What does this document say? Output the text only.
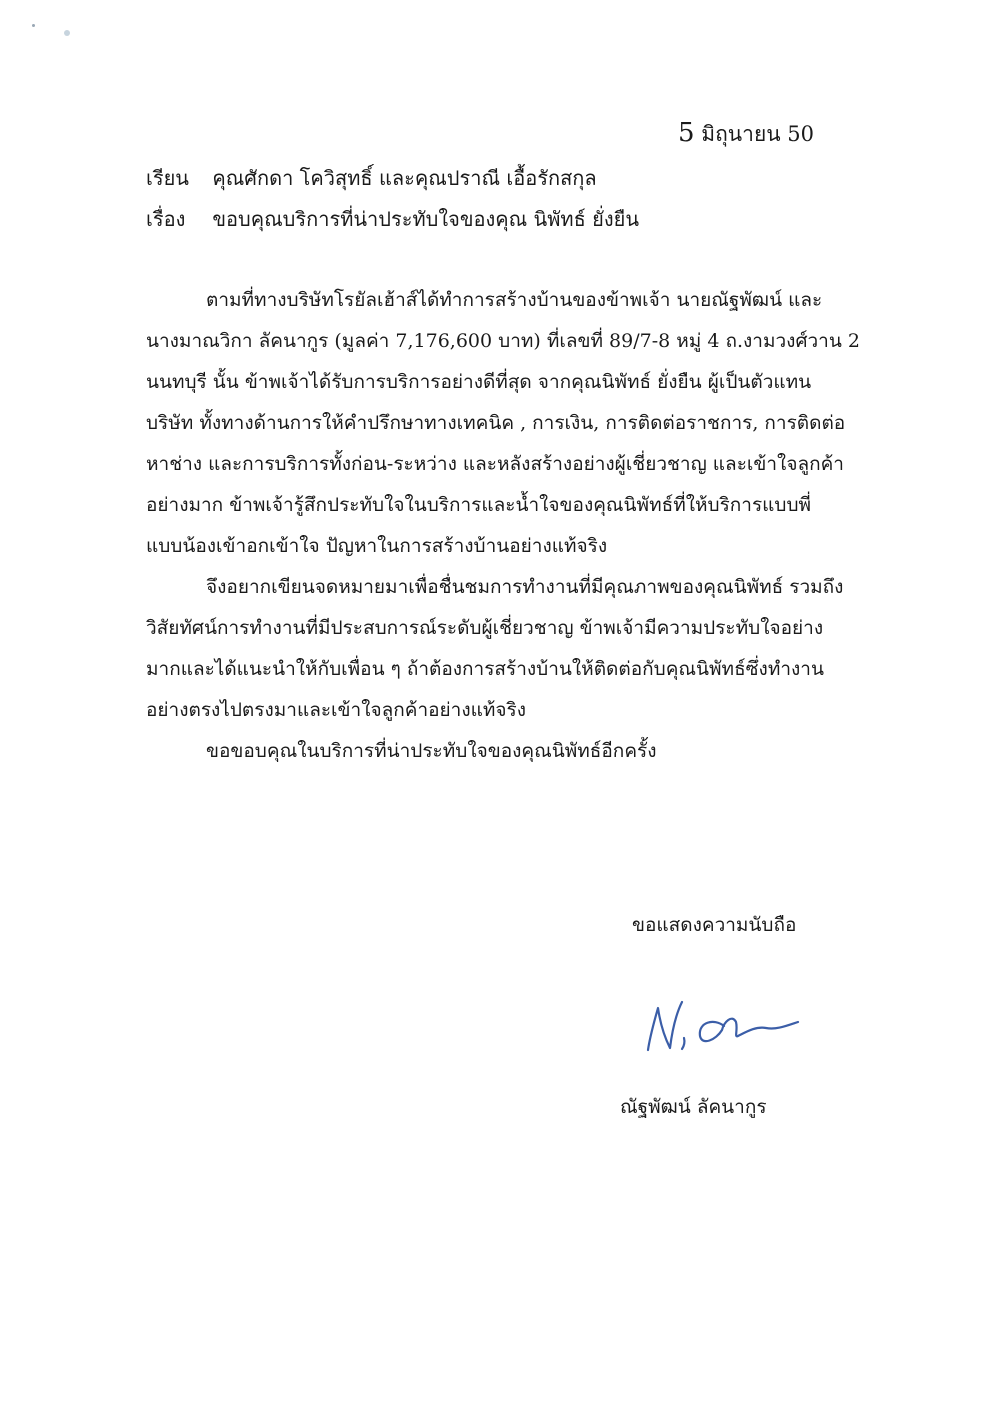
5 มิถุนายน 50
เรียน คุณศักดา โควิสุทธิ์ และคุณปราณี เอื้อรักสกุล
เรื่อง ขอบคุณบริการที่น่าประทับใจของคุณ นิพัทธ์ ยั่งยืน
ตามที่ทางบริษัทโรยัลเฮ้าส์ได้ทำการสร้างบ้านของข้าพเจ้า นายณัฐพัฒน์ และ
นางมาณวิกา ลัคนากูร (มูลค่า 7,176,600 บาท) ที่เลขที่ 89/7-8 หมู่ 4 ถ.งามวงศ์วาน 2
นนทบุรี นั้น ข้าพเจ้าได้รับการบริการอย่างดีที่สุด จากคุณนิพัทธ์ ยั่งยืน ผู้เป็นตัวแทน
บริษัท ทั้งทางด้านการให้คำปรึกษาทางเทคนิค , การเงิน, การติดต่อราชการ, การติดต่อ
หาช่าง และการบริการทั้งก่อน-ระหว่าง และหลังสร้างอย่างผู้เชี่ยวชาญ และเข้าใจลูกค้า
อย่างมาก ข้าพเจ้ารู้สึกประทับใจในบริการและน้ำใจของคุณนิพัทธ์ที่ให้บริการแบบพี่
แบบน้องเข้าอกเข้าใจ ปัญหาในการสร้างบ้านอย่างแท้จริง
จึงอยากเขียนจดหมายมาเพื่อชื่นชมการทำงานที่มีคุณภาพของคุณนิพัทธ์ รวมถึง
วิสัยทัศน์การทำงานที่มีประสบการณ์ระดับผู้เชี่ยวชาญ ข้าพเจ้ามีความประทับใจอย่าง
มากและได้แนะนำให้กับเพื่อน ๆ ถ้าต้องการสร้างบ้านให้ติดต่อกับคุณนิพัทธ์ซึ่งทำงาน
อย่างตรงไปตรงมาและเข้าใจลูกค้าอย่างแท้จริง
ขอขอบคุณในบริการที่น่าประทับใจของคุณนิพัทธ์อีกครั้ง
ขอแสดงความนับถือ
ณัฐพัฒน์ ลัคนากูร
